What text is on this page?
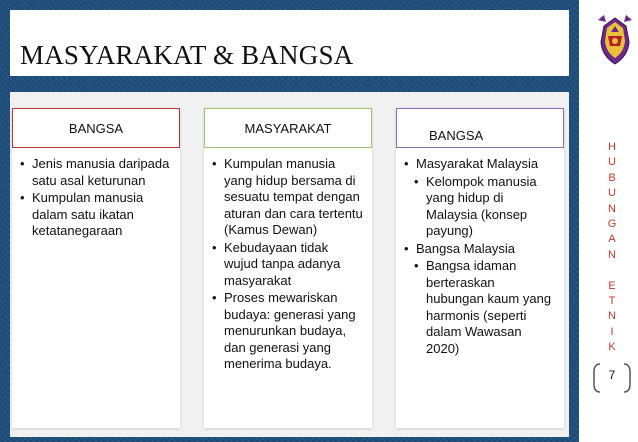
MASYARAKAT & BANGSA
BANGSA
• Jenis manusia daripada satu asal keturunan
• Kumpulan manusia dalam satu ikatan ketatanegaraan
MASYARAKAT
• Kumpulan manusia yang hidup bersama di sesuatu tempat dengan aturan dan cara tertentu (Kamus Dewan)
• Kebudayaan tidak wujud tanpa adanya masyarakat
• Proses mewariskan budaya: generasi yang menurunkan budaya, dan generasi yang menerima budaya.
BANGSA
• Masyarakat Malaysia
• Kelompok manusia yang hidup di Malaysia (konsep payung)
• Bangsa Malaysia
• Bangsa idaman berteraskan hubungan kaum yang harmonis (seperti dalam Wawasan 2020)
H
U
B
U
N
G
A
N

E
T
N
I
K
7
